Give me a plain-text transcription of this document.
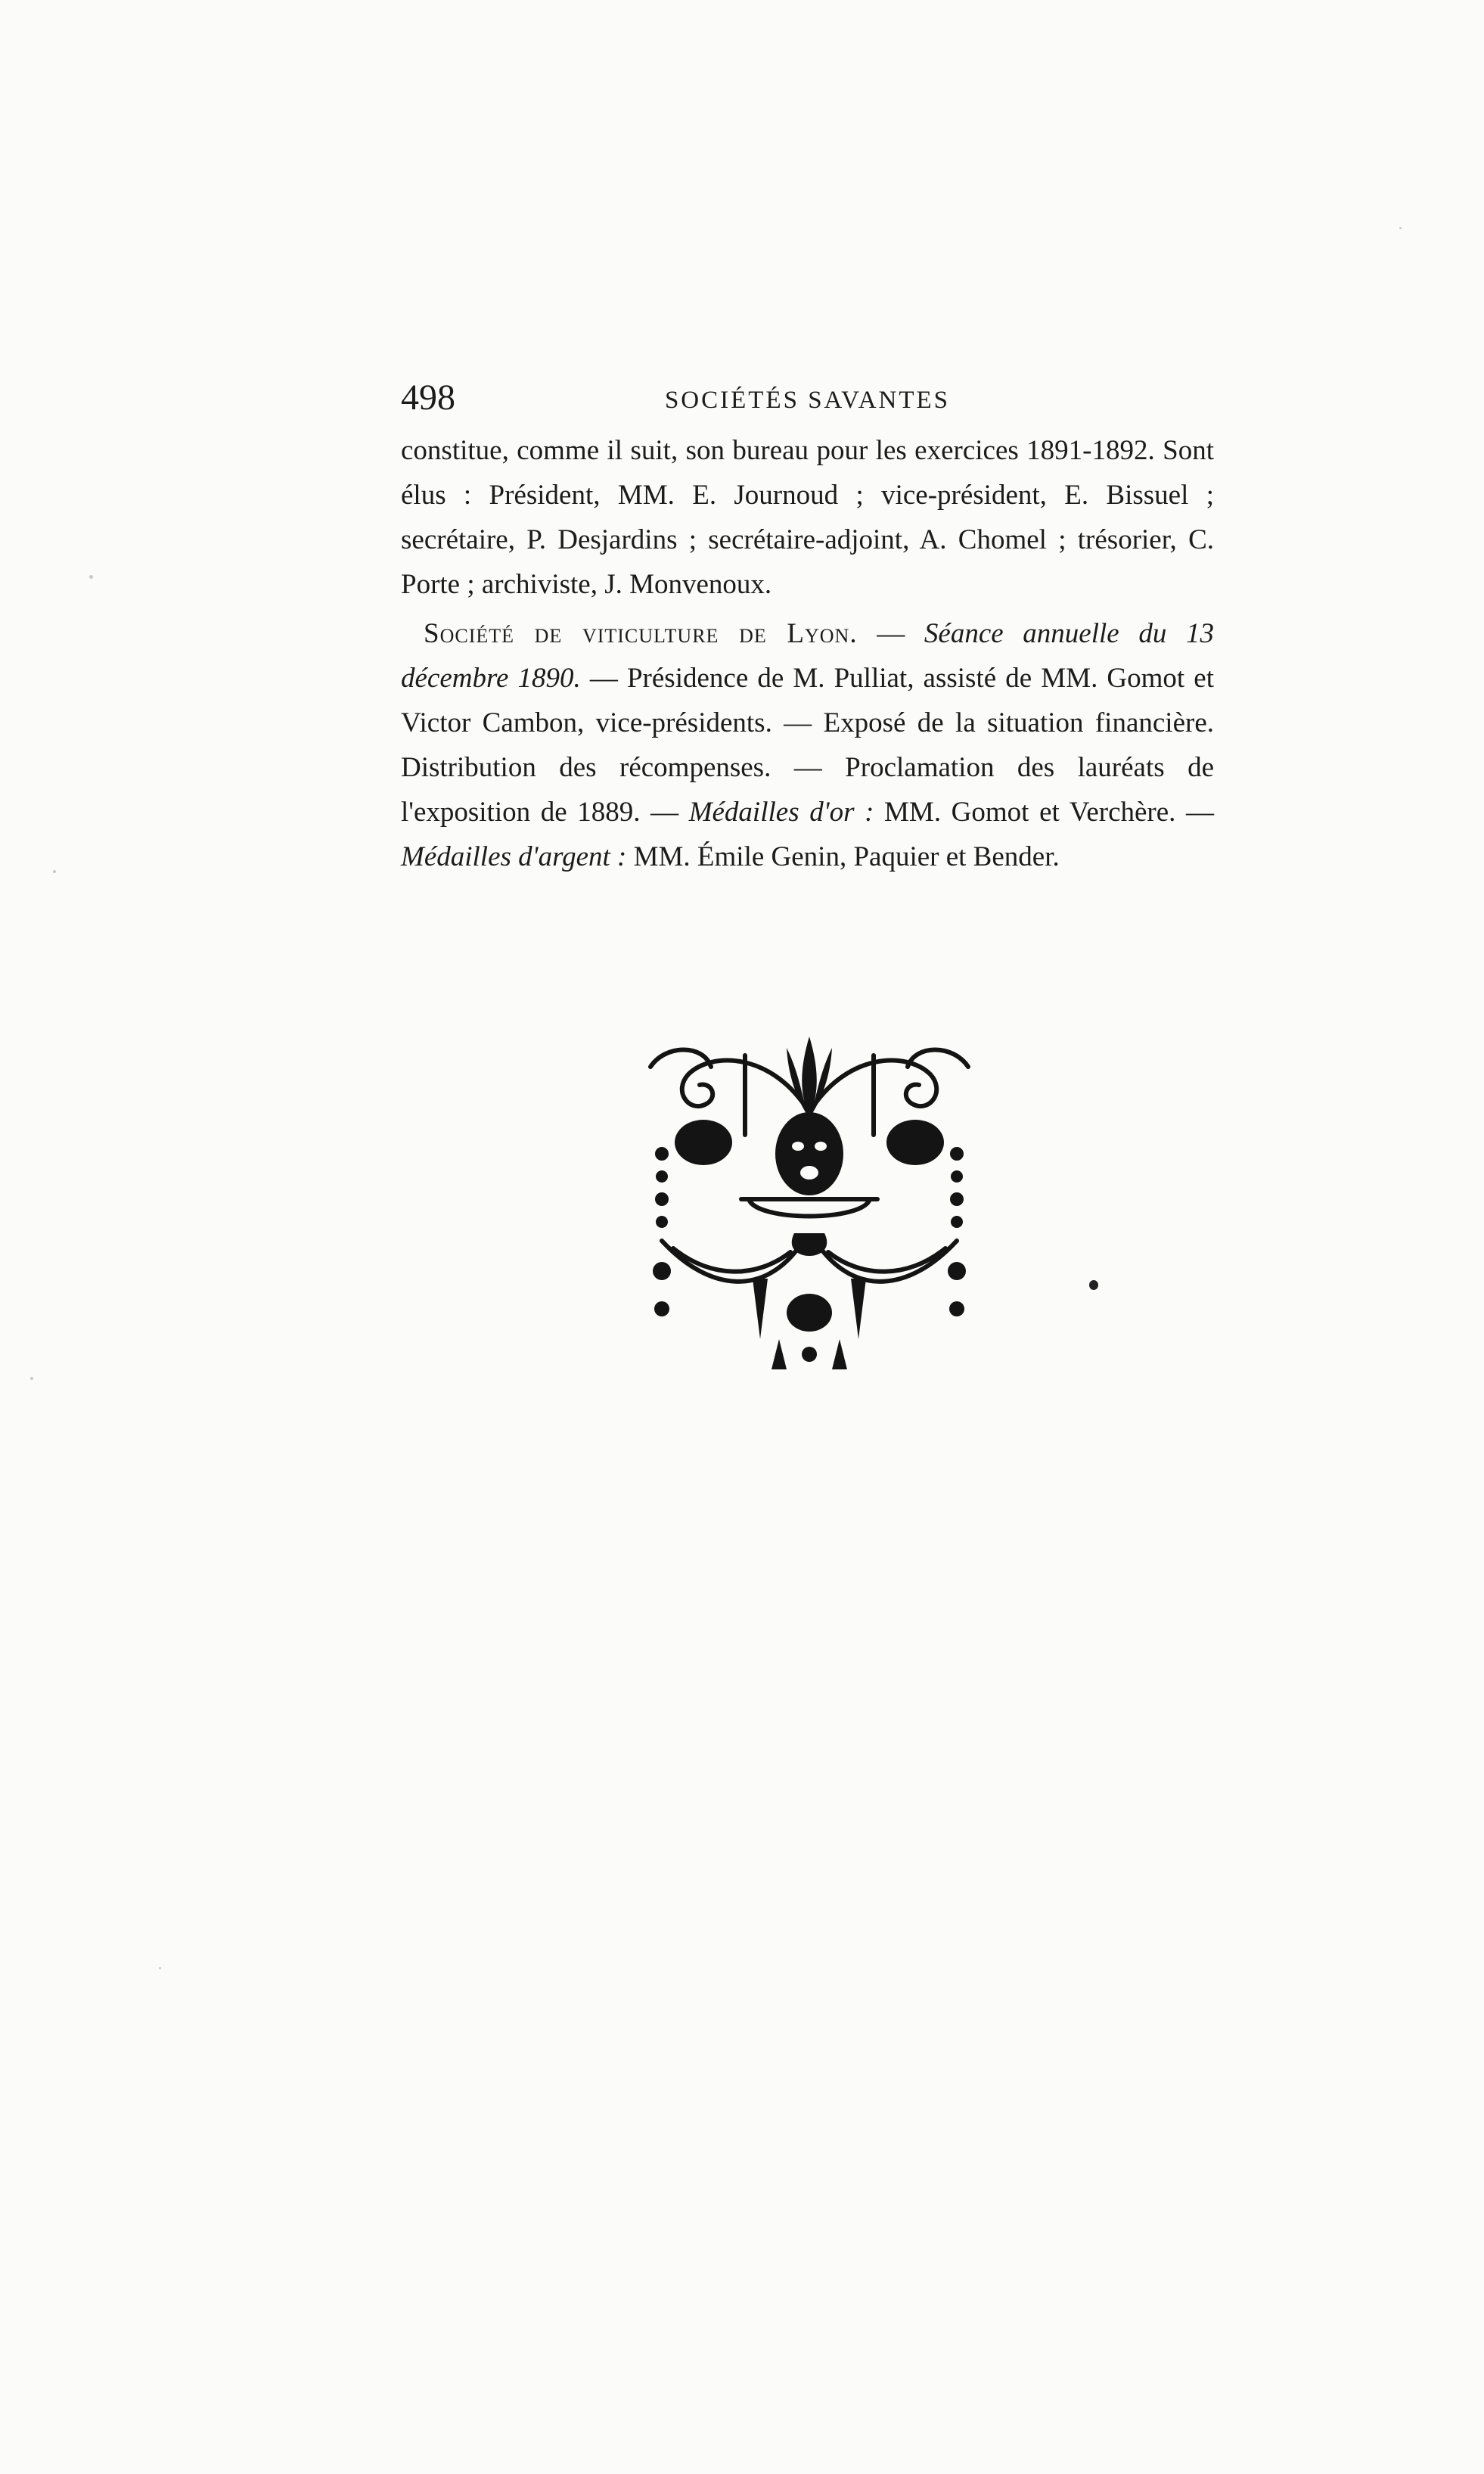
498	SOCIÉTÉS SAVANTES

constitue, comme il suit, son bureau pour les exercices 1891-1892. Sont élus : Président, MM. E. Journoud ; vice-président, E. Bissuel ; secrétaire, P. Desjardins ; secrétaire-adjoint, A. Chomel ; trésorier, C. Porte ; archiviste, J. Monvenoux.

Société de viticulture de Lyon. — Séance annuelle du 13 décembre 1890. — Présidence de M. Pulliat, assisté de MM. Gomot et Victor Cambon, vice-présidents. — Exposé de la situation financière. Distribution des récompenses. — Proclamation des lauréats de l'exposition de 1889. — Médailles d'or : MM. Gomot et Verchère. — Médailles d'argent : MM. Émile Genin, Paquier et Bender.
